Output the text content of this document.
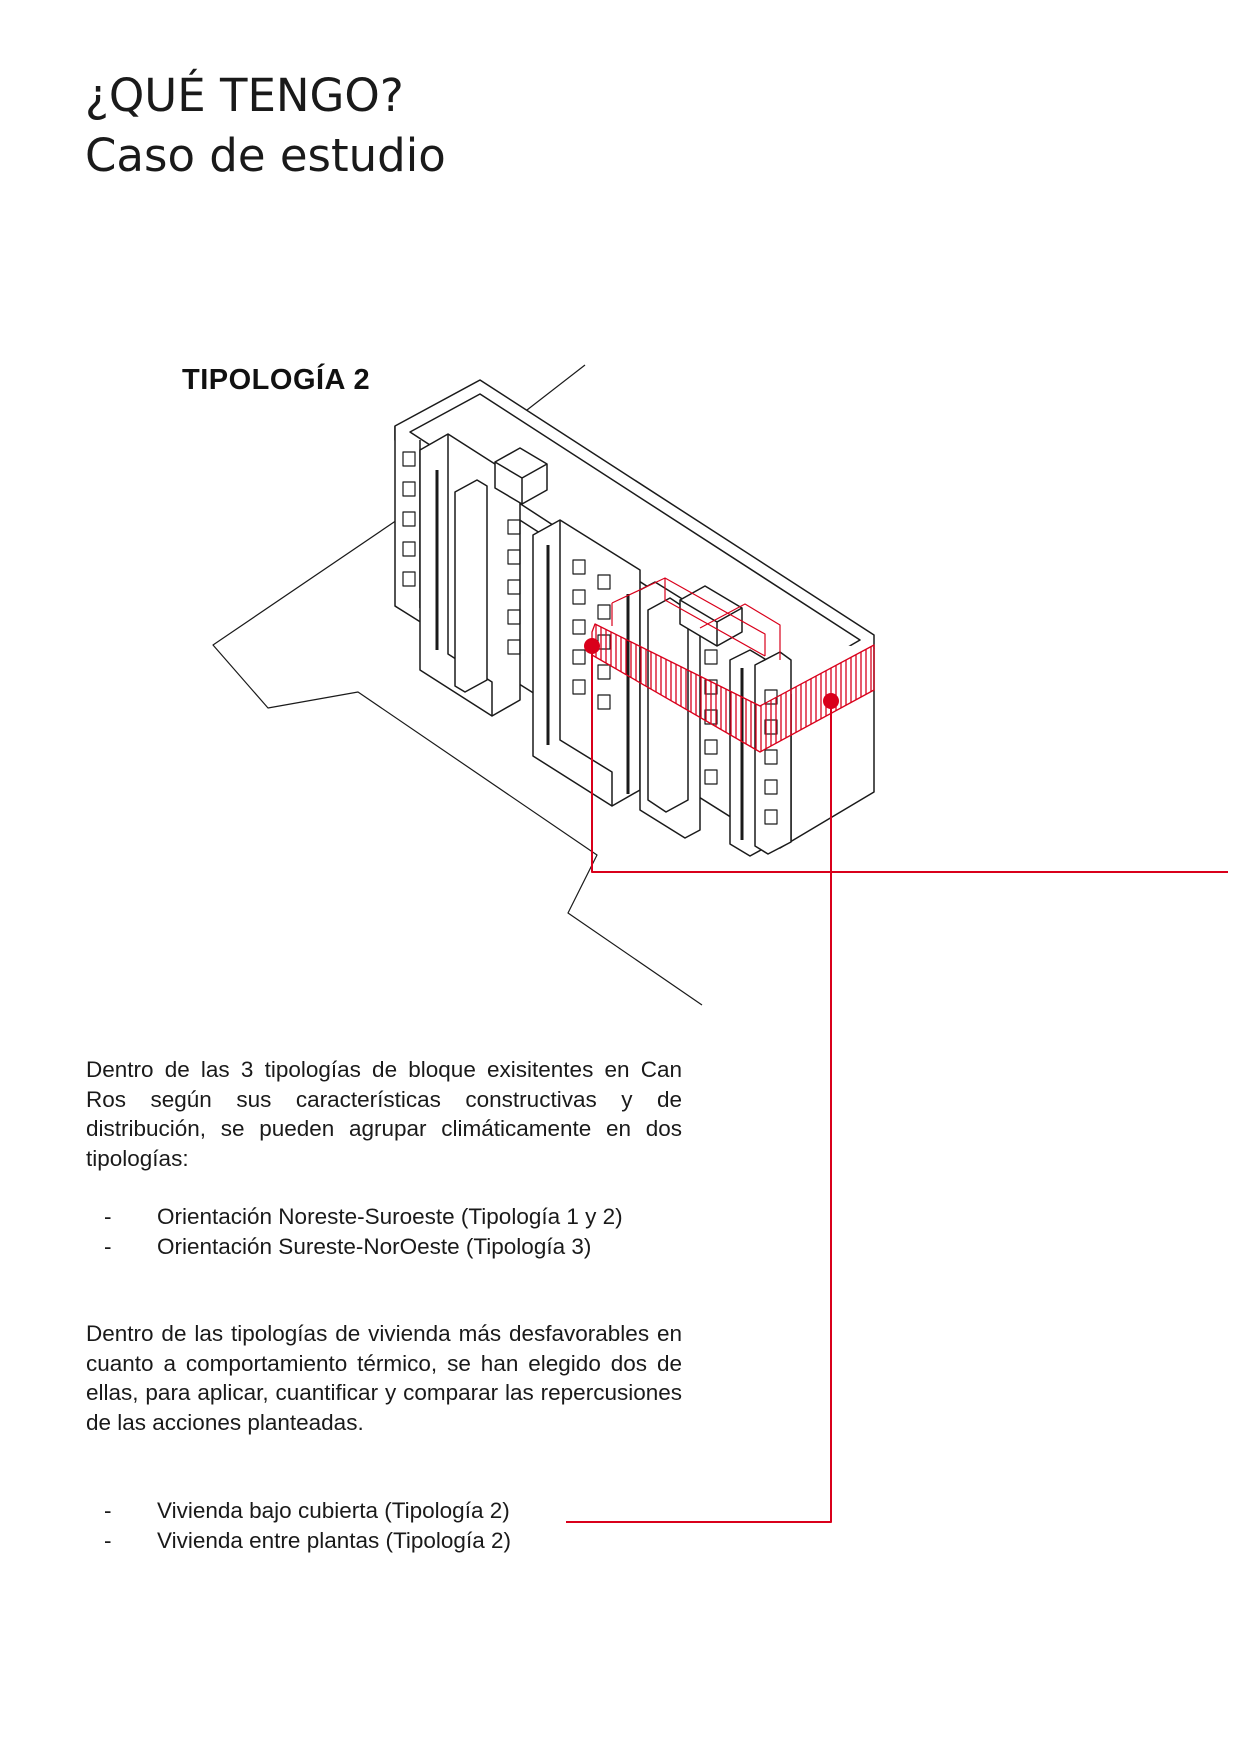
¿QUÉ TENGO?
Caso de estudio
TIPOLOGÍA 2

Dentro de las 3 tipologías de bloque exisitentes en Can Ros según sus características constructivas y de distribución, se pueden agrupar climáticamente en dos tipologías:

- Orientación Noreste-Suroeste (Tipología 1 y 2)
- Orientación Sureste-NorOeste (Tipología 3)

Dentro de las tipologías de vivienda más desfavorables en cuanto a comportamiento térmico, se han elegido dos de ellas, para aplicar, cuantificar y comparar las repercusiones de las acciones planteadas.

- Vivienda bajo cubierta (Tipología 2)
- Vivienda entre plantas (Tipología 2)
